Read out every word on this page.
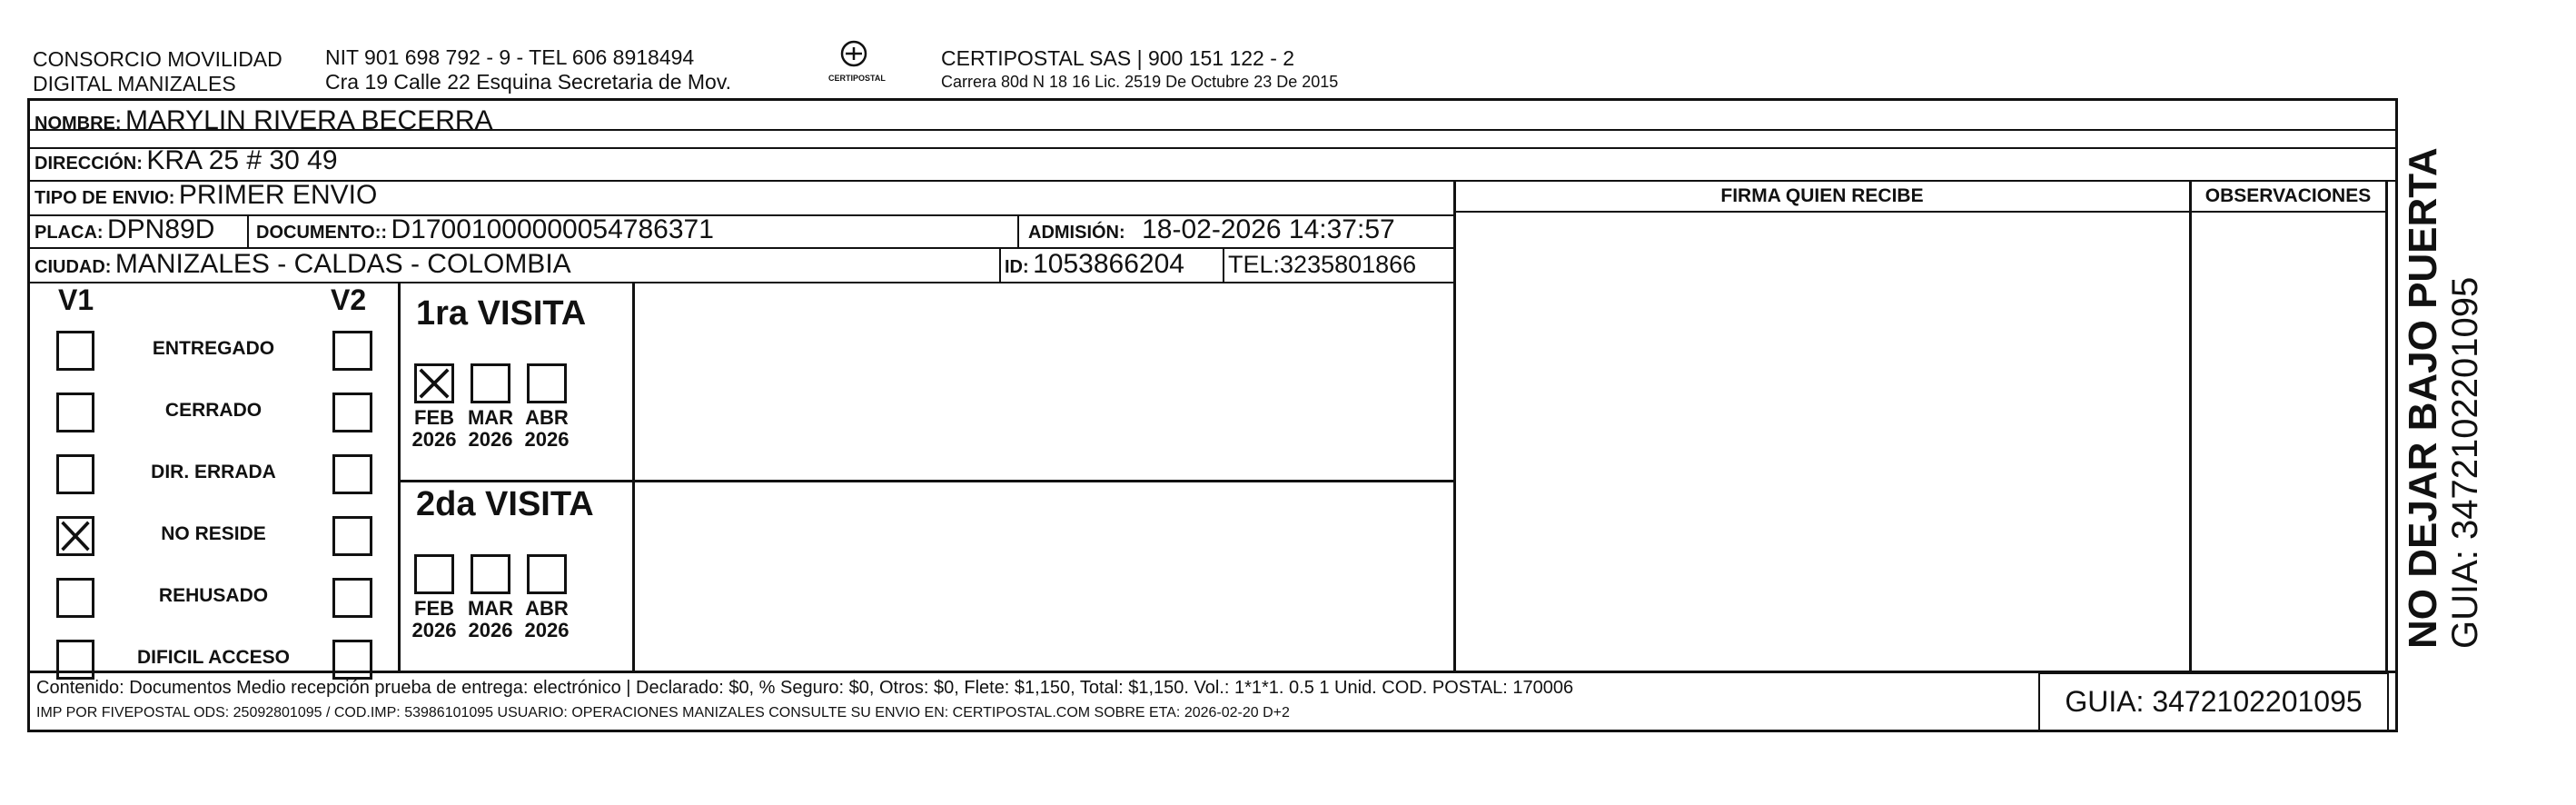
CONSORCIO MOVILIDAD
DIGITAL MANIZALES
NIT 901 698 792 - 9 - TEL 606 8918494
Cra 19 Calle 22 Esquina Secretaria de Mov.	CERTIPOSTAL
CERTIPOSTAL SAS | 900 151 122 - 2
Carrera 80d N 18 16 Lic. 2519 De Octubre 23 De 2015
NOMBRE: MARYLIN RIVERA BECERRA
DIRECCIÓN: KRA 25 # 30 49
TIPO DE ENVIO: PRIMER ENVIO
PLACA: DPN89D DOCUMENTO:: D17001000000054786371	ADMISIÓN: 18-02-2026 14:37:57
CIUDAD: MANIZALES - CALDAS - COLOMBIA	ID: 1053866204 TEL:3235801866
FIRMA QUIEN RECIBE	OBSERVACIONES
V1	V2
ENTREGADO
CERRADO
DIR. ERRADA
NO RESIDE
REHUSADO
DIFICIL ACCESO
1ra VISITA
2da VISITA
FEB
2026
MAR
2026
ABR
2026
FEB
2026
MAR
2026
ABR
2026
Contenido: Documentos Medio recepción prueba de entrega: electrónico | Declarado: $0, % Seguro: $0, Otros: $0, Flete: $1,150, Total: $1,150. Vol.: 1*1*1. 0.5 1 Unid. COD. POSTAL: 170006
IMP POR FIVEPOSTAL ODS: 25092801095 / COD.IMP: 53986101095 USUARIO: OPERACIONES MANIZALES CONSULTE SU ENVIO EN: CERTIPOSTAL.COM SOBRE ETA: 2026-02-20 D+2	GUIA: 3472102201095
NO DEJAR BAJO PUERTA GUIA: 3472102201095
